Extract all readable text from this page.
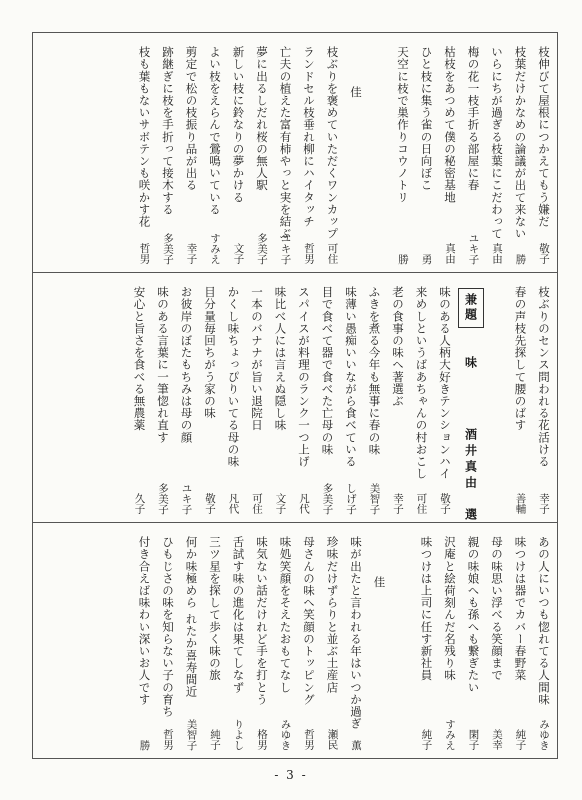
枝伸びて屋根につかえてもう嫌だ
敬子
枝葉だけかなめの論議が出て来ない
勝
いらにちが過ぎる枝葉にこだわって
真由
梅の花一枝手折る部屋に春
ユキ子
枯枝をあつめて僕の秘密基地
真由
ひと枝に集う雀の日向ぼこ
勇
天空に枝で巣作りコウノトリ
勝
佳
枝ぶりを褒めていただくワンカップ
可住
ランドセル枝垂れ柳にハイタッチ
哲男
亡夫の植えた富有柿やっと実を結ぶ
ユキ子
夢に出るしだれ桜の無人駅
多美子
新しい枝に鈴なりの夢かける
文子
よい枝をえらんで鶯鳴いている
すみえ
剪定で松の枝振り品が出る
幸子
跡継ぎに枝を手折って接木する
多美子
枝も葉もないサボテンも咲かす花
哲男
枝ぶりのセンス問われる花活ける
幸子
春の声枝先探して腰のばす
善輔
兼題
味
酒井真由　選
味のある人柄大好きテンションハイ
敬子
来めしというばあちゃんの村おこし
可住
老の食事の味へ著選ぶ
幸子
ふきを煮る今年も無事に春の味
美智子
味薄い愚痴いいながら食べている
しげ子
目で食べて器で食べた亡母の味
多美子
スパイスが料理のランク一つ上げ
凡代
味比べ人には言えぬ隠し味
文子
一本のバナナが旨い退院日
可住
かくし味ちょっぴりいてる母の味
凡代
目分量毎回ちがう家の味
敬子
お彼岸のぼたもちみは母の顔
ユキ子
味のある言葉に一筆惚れ直す
多美子
安心と旨さを食べる無農薬
久子
あの人にいつも惚れてる人間味
みゆき
味つけは器でカバー春野菜
純子
母の味思い浮べる笑顔まで
美幸
親の味娘へも孫へも繋ぎたい
閑子
沢庵と絵荷刻んだ名残り味
すみえ
味つけは上司に任す新社員
純子
佳
味が出たと言われる年はいつか過ぎ
薫
珍味だけずらりと並ぶ土産店
瀬民
母さんの味へ笑顔のトッピング
哲男
味処笑顔をそえたおもてなし
みゆき
味気ない話だけれど手を打とう
格男
舌試す味の進化は果てしなず
りよし
三ツ星を探して歩く味の旅
純子
何か味極めら れたか喜寿間近
美智子
ひもじさの味を知らない子の育ち
哲男
付き合えば味わい深いお人です
勝
- 3 -
